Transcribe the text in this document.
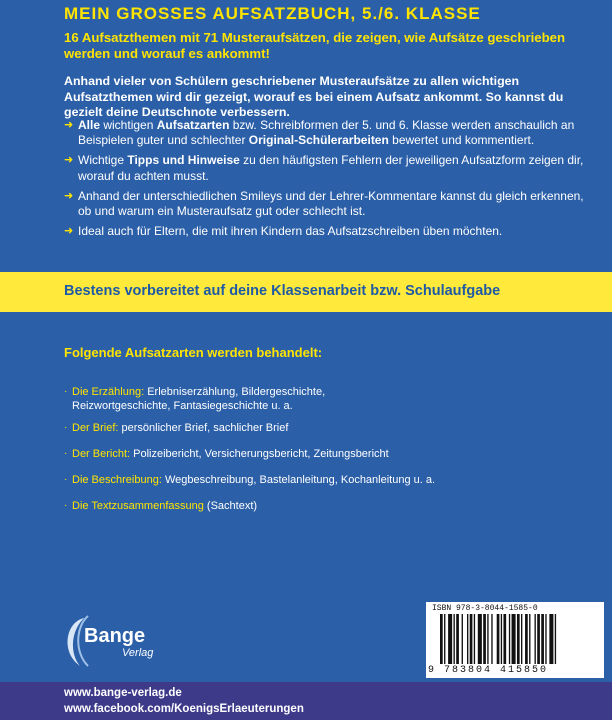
MEIN GROSSES AUFSATZBUCH, 5./6. KLASSE
16 Aufsatzthemen mit 71 Musteraufsätzen, die zeigen, wie Aufsätze geschrieben werden und worauf es ankommt!
Anhand vieler von Schülern geschriebener Musteraufsätze zu allen wichtigen Aufsatzthemen wird dir gezeigt, worauf es bei einem Aufsatz ankommt. So kannst du gezielt deine Deutschnote verbessern.
➜ Alle wichtigen Aufsatzarten bzw. Schreibformen der 5. und 6. Klasse werden anschaulich an Beispielen guter und schlechter Original-Schülerarbeiten bewertet und kommentiert.
➜ Wichtige Tipps und Hinweise zu den häufigsten Fehlern der jeweiligen Aufsatzform zeigen dir, worauf du achten musst.
➜ Anhand der unterschiedlichen Smileys und der Lehrer-Kommentare kannst du gleich erkennen, ob und warum ein Musteraufsatz gut oder schlecht ist.
➜ Ideal auch für Eltern, die mit ihren Kindern das Aufsatzschreiben üben möchten.
Bestens vorbereitet auf deine Klassenarbeit bzw. Schulaufgabe
Folgende Aufsatzarten werden behandelt:
· Die Erzählung: Erlebniserzählung, Bildergeschichte,
Reizwortgeschichte, Fantasiegeschichte u. a.
· Der Brief: persönlicher Brief, sachlicher Brief
· Der Bericht: Polizeibericht, Versicherungsbericht, Zeitungsbericht
· Die Beschreibung: Wegbeschreibung, Bastelanleitung, Kochanleitung u. a.
· Die Textzusammenfassung (Sachtext)
Bange
Verlag
ISBN 978-3-8044-1585-0
9 783804 415850
www.bange-verlag.de
www.facebook.com/KoenigsErlaeuterungen
